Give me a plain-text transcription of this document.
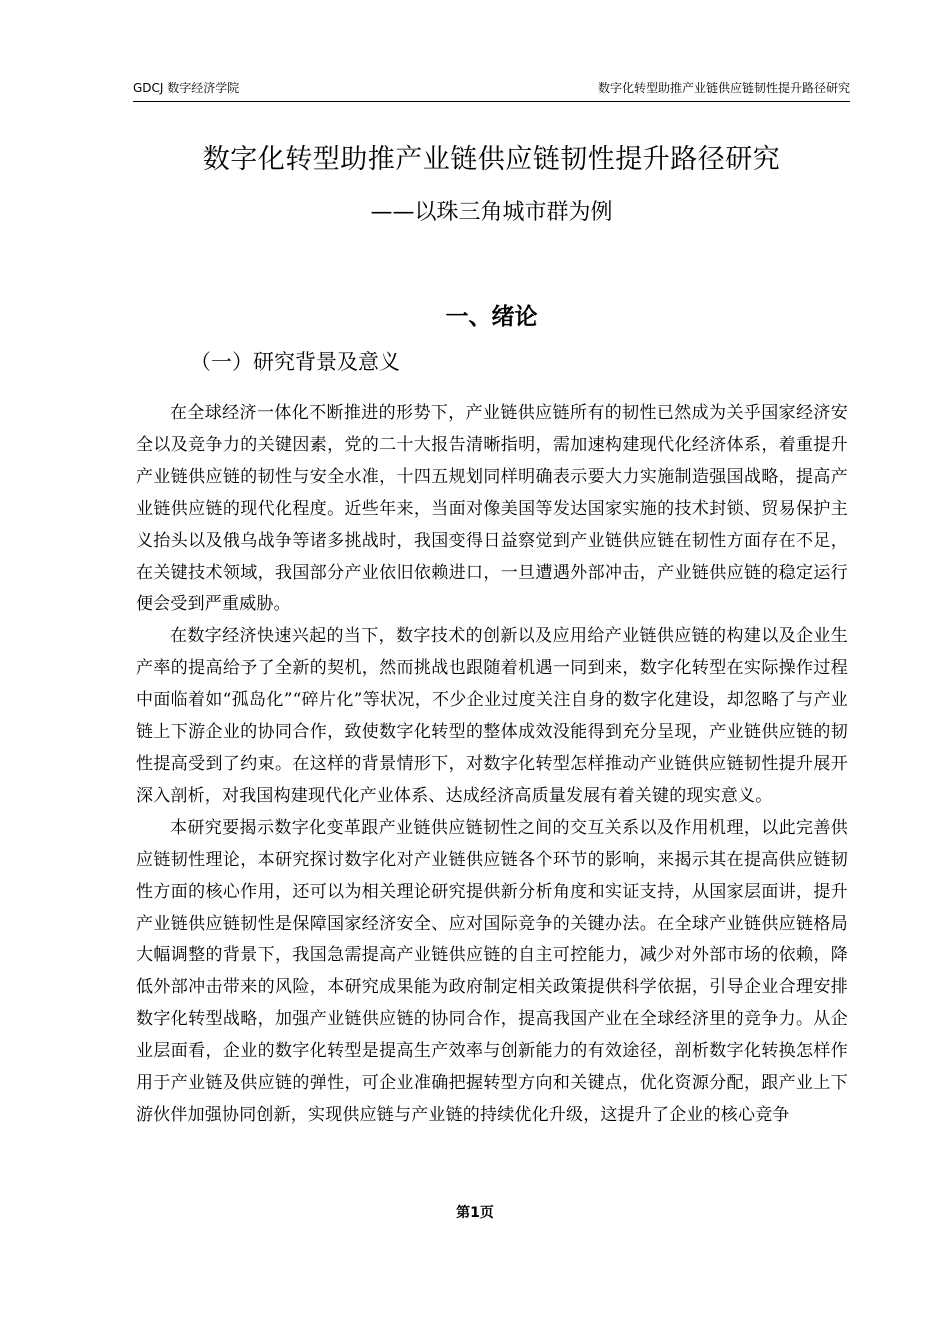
GDCJ 数字经济学院	数字化转型助推产业链供应链韧性提升路径研究
数字化转型助推产业链供应链韧性提升路径研究
——以珠三角城市群为例
一、绪论
（一）研究背景及意义

在全球经济一体化不断推进的形势下，产业链供应链所有的韧性已然成为关乎国家经济安全以及竞争力的关键因素，党的二十大报告清晰指明，需加速构建现代化经济体系，着重提升产业链供应链的韧性与安全水准，十四五规划同样明确表示要大力实施制造强国战略，提高产业链供应链的现代化程度。近些年来，当面对像美国等发达国家实施的技术封锁、贸易保护主义抬头以及俄乌战争等诸多挑战时，我国变得日益察觉到产业链供应链在韧性方面存在不足，在关键技术领域，我国部分产业依旧依赖进口，一旦遭遇外部冲击，产业链供应链的稳定运行便会受到严重威胁。

在数字经济快速兴起的当下，数字技术的创新以及应用给产业链供应链的构建以及企业生产率的提高给予了全新的契机，然而挑战也跟随着机遇一同到来，数字化转型在实际操作过程中面临着如“孤岛化”“碎片化”等状况，不少企业过度关注自身的数字化建设，却忽略了与产业链上下游企业的协同合作，致使数字化转型的整体成效没能得到充分呈现，产业链供应链的韧性提高受到了约束。在这样的背景情形下，对数字化转型怎样推动产业链供应链韧性提升展开深入剖析，对我国构建现代化产业体系、达成经济高质量发展有着关键的现实意义。

本研究要揭示数字化变革跟产业链供应链韧性之间的交互关系以及作用机理，以此完善供应链韧性理论，本研究探讨数字化对产业链供应链各个环节的影响，来揭示其在提高供应链韧性方面的核心作用，还可以为相关理论研究提供新分析角度和实证支持，从国家层面讲，提升产业链供应链韧性是保障国家经济安全、应对国际竞争的关键办法。在全球产业链供应链格局大幅调整的背景下，我国急需提高产业链供应链的自主可控能力，减少对外部市场的依赖，降低外部冲击带来的风险，本研究成果能为政府制定相关政策提供科学依据，引导企业合理安排数字化转型战略，加强产业链供应链的协同合作，提高我国产业在全球经济里的竞争力。从企业层面看，企业的数字化转型是提高生产效率与创新能力的有效途径，剖析数字化转换怎样作用于产业链及供应链的弹性，可企业准确把握转型方向和关键点，优化资源分配，跟产业上下游伙伴加强协同创新，实现供应链与产业链的持续优化升级，这提升了企业的核心竞争

第1页
